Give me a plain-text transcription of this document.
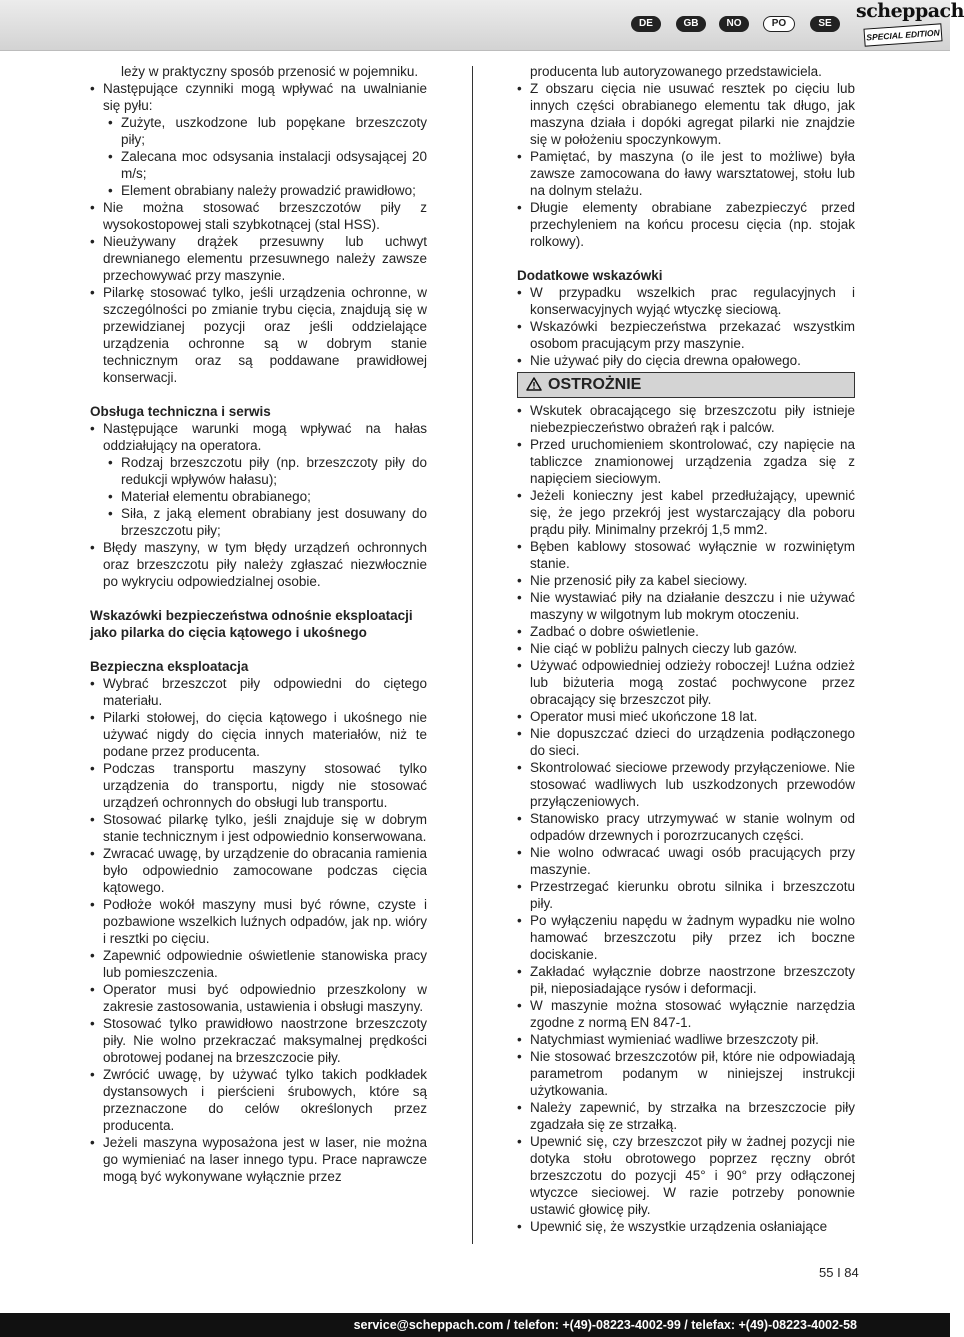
DE	GB	NO	PO	SE
scheppach
SPECIAL EDITION
leży w praktyczny sposób przenosić w pojemniku.
• Następujące czynniki mogą wpływać na uwalnianie się pyłu:
• Zużyte, uszkodzone lub popękane brzeszczoty piły;
• Zalecana moc odsysania instalacji odsysającej 20 m/s;
• Element obrabiany należy prowadzić prawidłowo;
• Nie można stosować brzeszczotów piły z wysokostopowej stali szybkotnącej (stal HSS).
• Nieużywany drążek przesuwny lub uchwyt drewnianego elementu przesuwnego należy zawsze przechowywać przy maszynie.
• Pilarkę stosować tylko, jeśli urządzenia ochronne, w szczególności po zmianie trybu cięcia, znajdują się w przewidzianej pozycji oraz jeśli oddzielające urządzenia ochronne są w dobrym stanie technicznym oraz są poddawane prawidłowej konserwacji.
Obsługa techniczna i serwis
• Następujące warunki mogą wpływać na hałas oddziałujący na operatora.
• Rodzaj brzeszczotu piły (np. brzeszczoty piły do redukcji wpływów hałasu);
• Materiał elementu obrabianego;
• Siła, z jaką element obrabiany jest dosuwany do brzeszczotu piły;
• Błędy maszyny, w tym błędy urządzeń ochronnych oraz brzeszczotu piły należy zgłaszać niezwłocznie po wykryciu odpowiedzialnej osobie.
Wskazówki bezpieczeństwa odnośnie eksploatacji jako pilarka do cięcia kątowego i ukośnego
Bezpieczna eksploatacja
• Wybrać brzeszczot piły odpowiedni do ciętego materiału.
• Pilarki stołowej, do cięcia kątowego i ukośnego nie używać nigdy do cięcia innych materiałów, niż te podane przez producenta.
• Podczas transportu maszyny stosować tylko urządzenia do transportu, nigdy nie stosować urządzeń ochronnych do obsługi lub transportu.
• Stosować pilarkę tylko, jeśli znajduje się w dobrym stanie technicznym i jest odpowiednio konserwowana.
• Zwracać uwagę, by urządzenie do obracania ramienia było odpowiednio zamocowane podczas cięcia kątowego.
• Podłoże wokół maszyny musi być równe, czyste i pozbawione wszelkich luźnych odpadów, jak np. wióry i resztki po cięciu.
• Zapewnić odpowiednie oświetlenie stanowiska pracy lub pomieszczenia.
• Operator musi być odpowiednio przeszkolony w zakresie zastosowania, ustawienia i obsługi maszyny.
• Stosować tylko prawidłowo naostrzone brzeszczoty piły. Nie wolno przekraczać maksymalnej prędkości obrotowej podanej na brzeszczocie piły.
• Zwrócić uwagę, by używać tylko takich podkładek dystansowych i pierścieni śrubowych, które są przeznaczone do celów określonych przez producenta.
• Jeżeli maszyna wyposażona jest w laser, nie można go wymieniać na laser innego typu. Prace naprawcze mogą być wykonywane wyłącznie przez
producenta lub autoryzowanego przedstawiciela.
• Z obszaru cięcia nie usuwać resztek po cięciu lub innych części obrabianego elementu tak długo, jak maszyna działa i dopóki agregat pilarki nie znajdzie się w położeniu spoczynkowym.
• Pamiętać, by maszyna (o ile jest to możliwe) była zawsze zamocowana do ławy warsztatowej, stołu lub na dolnym stelażu.
• Długie elementy obrabiane zabezpieczyć przed przechyleniem na końcu procesu cięcia (np. stojak rolkowy).
Dodatkowe wskazówki
• W przypadku wszelkich prac regulacyjnych i konserwacyjnych wyjąć wtyczkę sieciową.
• Wskazówki bezpieczeństwa przekazać wszystkim osobom pracującym przy maszynie.
• Nie używać piły do cięcia drewna opałowego.
OSTROŻNIE
• Wskutek obracającego się brzeszczotu piły istnieje niebezpieczeństwo obrażeń rąk i palców.
• Przed uruchomieniem skontrolować, czy napięcie na tabliczce znamionowej urządzenia zgadza się z napięciem sieciowym.
• Jeżeli konieczny jest kabel przedłużający, upewnić się, że jego przekrój jest wystarczający dla poboru prądu piły. Minimalny przekrój 1,5 mm2.
• Bęben kablowy stosować wyłącznie w rozwiniętym stanie.
• Nie przenosić piły za kabel sieciowy.
• Nie wystawiać piły na działanie deszczu i nie używać maszyny w wilgotnym lub mokrym otoczeniu.
• Zadbać o dobre oświetlenie.
• Nie ciąć w pobliżu palnych cieczy lub gazów.
• Używać odpowiedniej odzieży roboczej! Luźna odzież lub biżuteria mogą zostać pochwycone przez obracający się brzeszczot piły.
• Operator musi mieć ukończone 18 lat.
• Nie dopuszczać dzieci do urządzenia podłączonego do sieci.
• Skontrolować sieciowe przewody przyłączeniowe. Nie stosować wadliwych lub uszkodzonych przewodów przyłączeniowych.
• Stanowisko pracy utrzymywać w stanie wolnym od odpadów drzewnych i porozrzucanych części.
• Nie wolno odwracać uwagi osób pracujących przy maszynie.
• Przestrzegać kierunku obrotu silnika i brzeszczotu piły.
• Po wyłączeniu napędu w żadnym wypadku nie wolno hamować brzeszczotu piły przez ich boczne dociskanie.
• Zakładać wyłącznie dobrze naostrzone brzeszczoty pił, nieposiadające rysów i deformacji.
• W maszynie można stosować wyłącznie narzędzia zgodne z normą EN 847-1.
• Natychmiast wymieniać wadliwe brzeszczoty pił.
• Nie stosować brzeszczotów pił, które nie odpowiadają parametrom podanym w niniejszej instrukcji użytkowania.
• Należy zapewnić, by strzałka na brzeszczocie piły zgadzała się ze strzałką.
• Upewnić się, czy brzeszczot piły w żadnej pozycji nie dotyka stołu obrotowego poprzez ręczny obrót brzeszczotu do pozycji 45° i 90° przy odłączonej wtyczce sieciowej. W razie potrzeby ponownie ustawić głowicę piły.
• Upewnić się, że wszystkie urządzenia osłaniające
55 I 84
service@scheppach.com / telefon: +(49)-08223-4002-99 / telefax: +(49)-08223-4002-58
